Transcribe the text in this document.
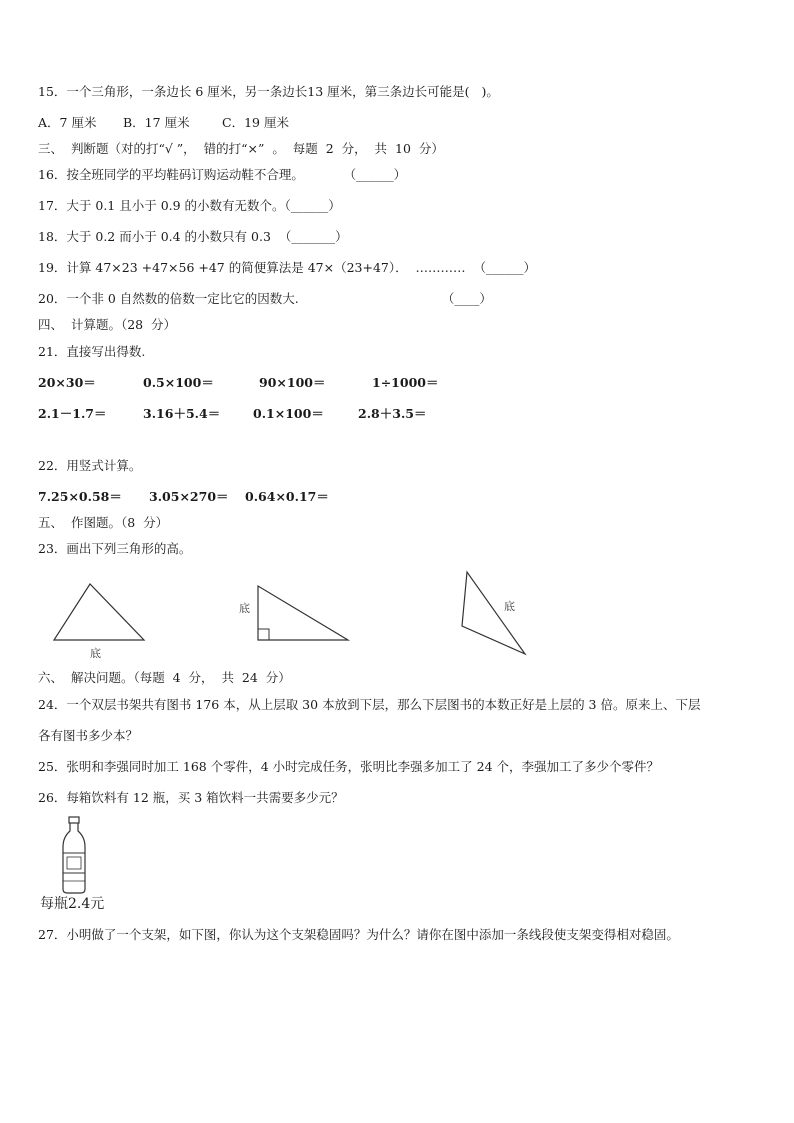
15．一个三角形，一条边长 6 厘米，另一条边长13 厘米，第三条边长可能是(   )。
A．7 厘米 B．17 厘米	C．19 厘米
三、  判断题（对的打“√ ”，  错的打“×”  。  每题  2  分，  共  10  分）
16．按全班同学的平均鞋码订购运动鞋不合理。          （______）
17．大于 0.1 且小于 0.9 的小数有无数个。（______）
18．大于 0.2 而小于 0.4 的小数只有 0.3  （_______）
19．计算 47×23 +47×56 +47 的简便算法是 47×（23+47）．  …………  （______）
20．一个非 0 自然数的倍数一定比它的因数大.                                    （____）
四、  计算题。（28  分）
21．直接写出得数.
20×30＝	0.5×100＝	90×100＝	1÷1000＝
2.1－1.7＝	3.16＋5.4＝	0.1×100＝	2.8＋3.5＝
22．用竖式计算。
7.25×0.58＝ 3.05×270＝ 0.64×0.17＝
五、  作图题。（8  分）
23．画出下列三角形的高。
底
底	底
六、  解决问题。（每题  4  分，  共  24  分）
24．一个双层书架共有图书 176 本，从上层取 30 本放到下层，那么下层图书的本数正好是上层的 3 倍。原来上、下层
各有图书多少本？
25．张明和李强同时加工 168 个零件，4 小时完成任务，张明比李强多加工了 24 个，李强加工了多少个零件？
26．每箱饮料有 12 瓶，买 3 箱饮料一共需要多少元？
每瓶2.4元
27．小明做了一个支架，如下图，你认为这个支架稳固吗？为什么？请你在图中添加一条线段使支架变得相对稳固。
